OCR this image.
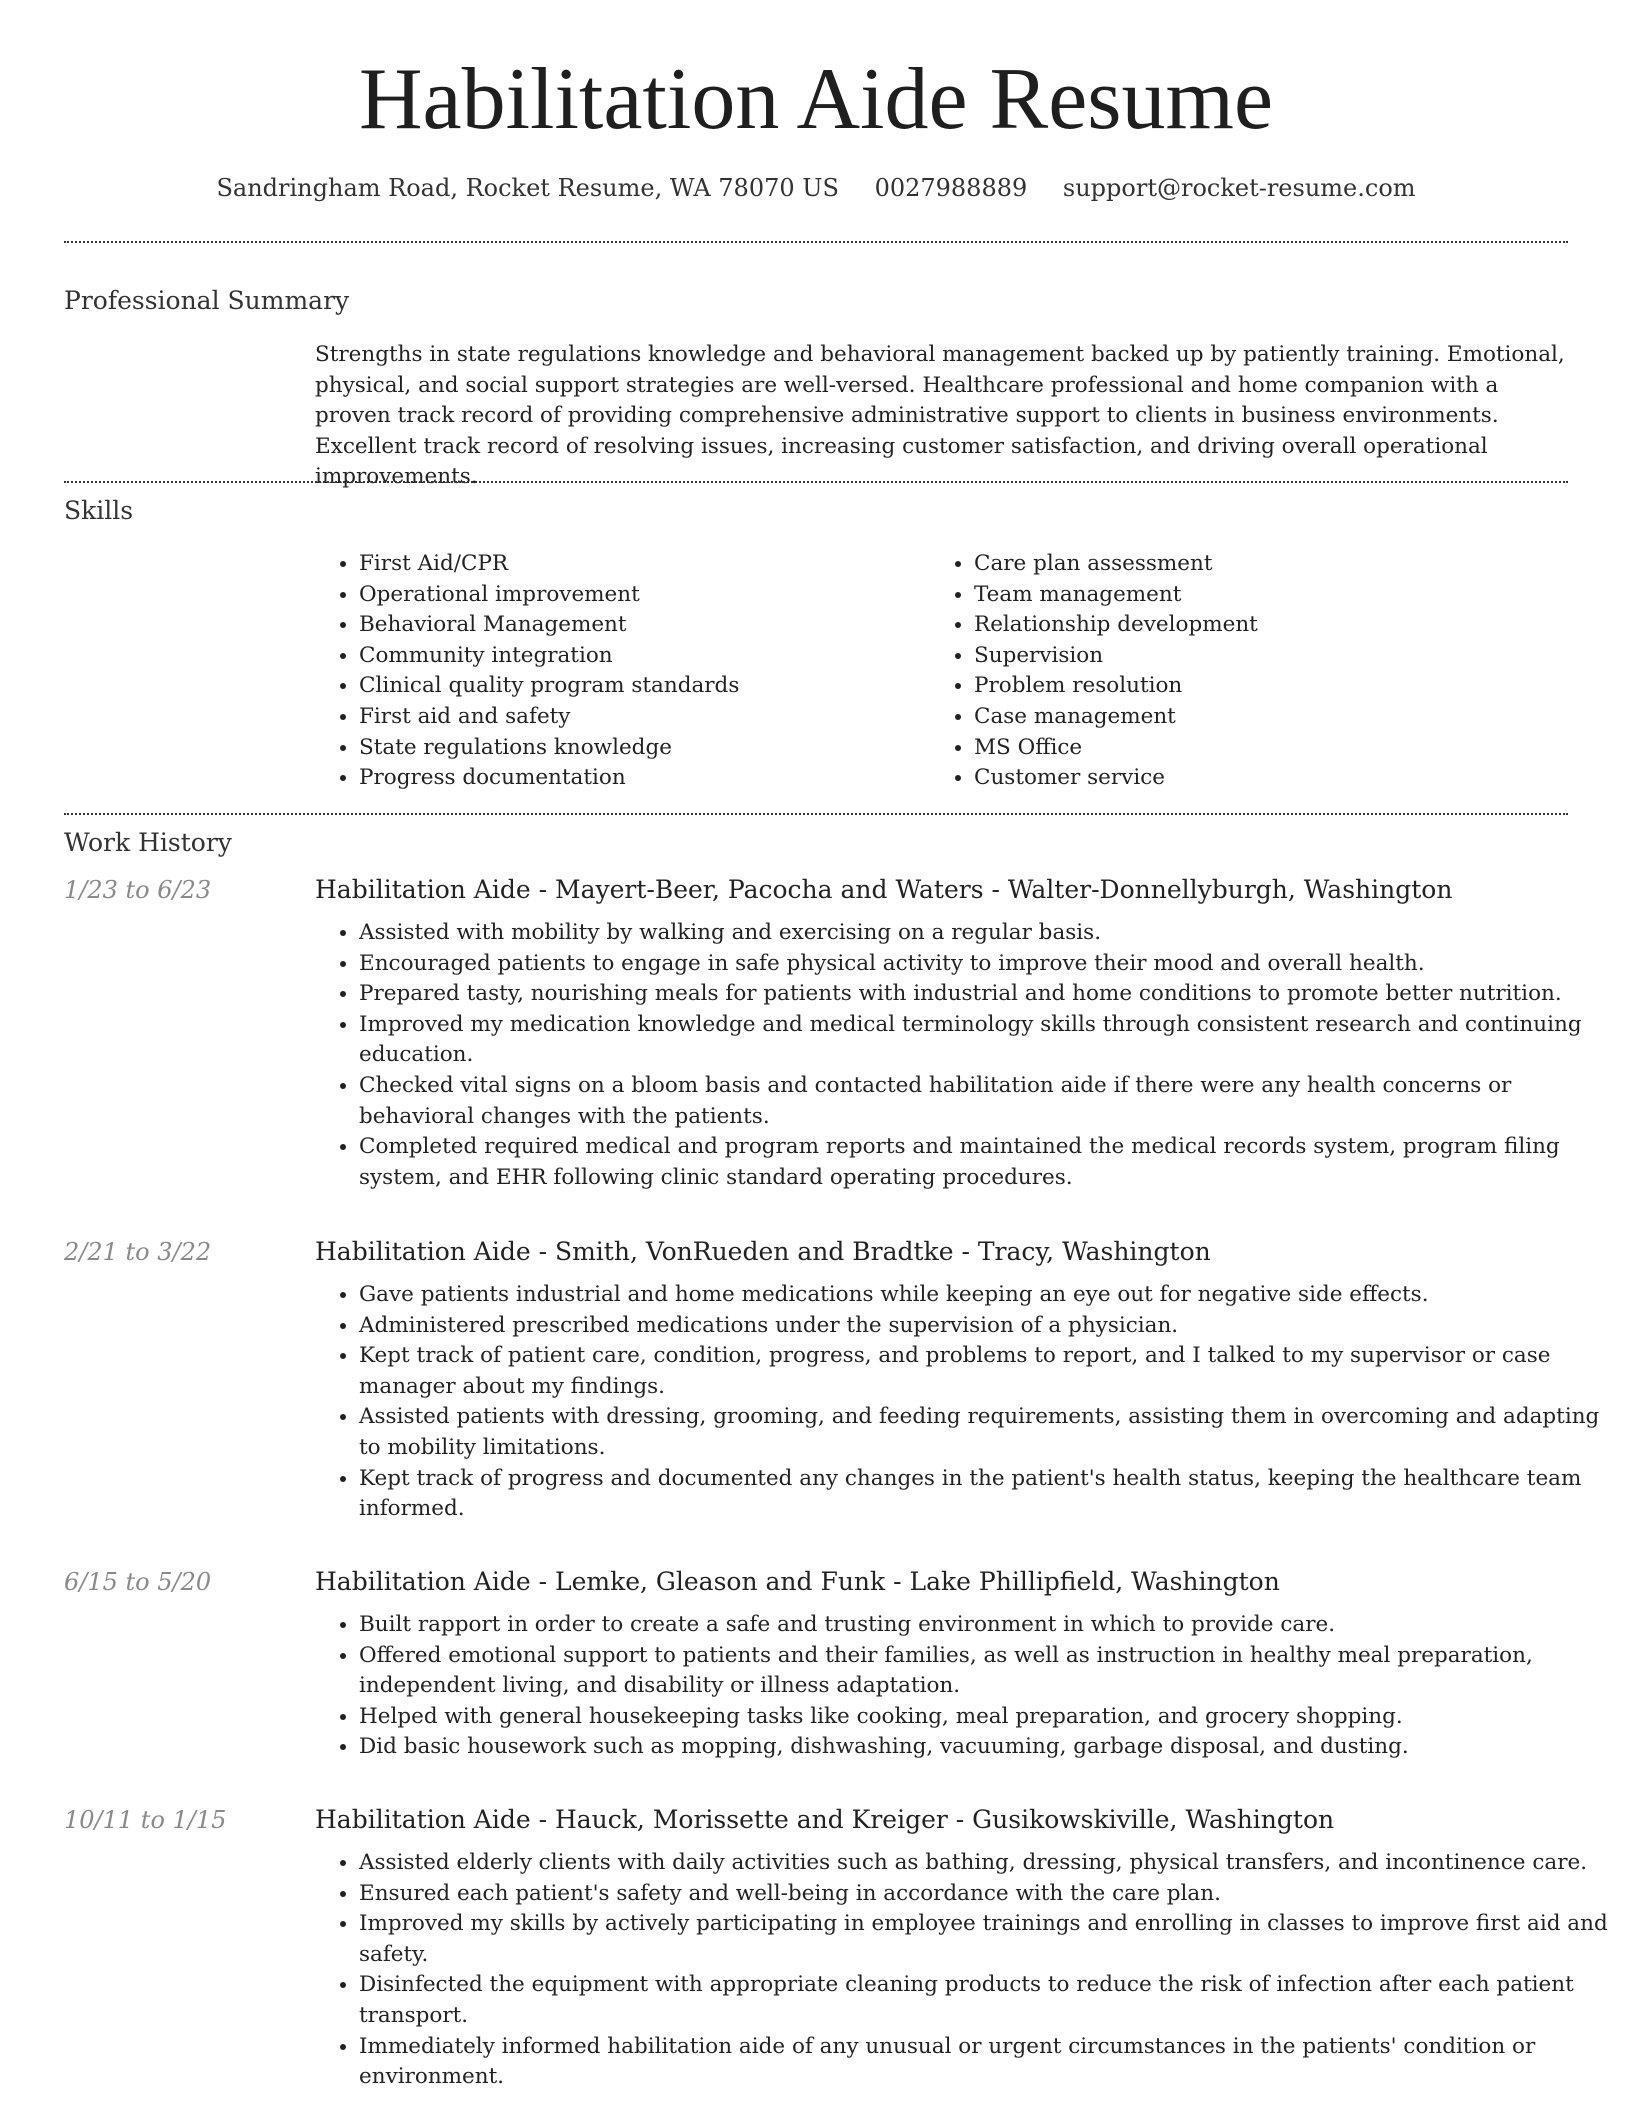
Habilitation Aide Resume
Sandringham Road, Rocket Resume, WA 78070 US 0027988889 support@rocket-resume.com
Professional Summary

Strengths in state regulations knowledge and behavioral management backed up by patiently training. Emotional, physical, and social support strategies are well-versed. Healthcare professional and home companion with a proven track record of providing comprehensive administrative support to clients in business environments. Excellent track record of resolving issues, increasing customer satisfaction, and driving overall operational improvements.

Skills
• First Aid/CPR
• Operational improvement
• Behavioral Management
• Community integration
• Clinical quality program standards
• First aid and safety
• State regulations knowledge
• Progress documentation
• Care plan assessment
• Team management
• Relationship development
• Supervision
• Problem resolution
• Case management
• MS Office
• Customer service
Work History
1/23 to 6/23	Habilitation Aide - Mayert-Beer, Pacocha and Waters - Walter-Donnellyburgh, Washington
• Assisted with mobility by walking and exercising on a regular basis.
• Encouraged patients to engage in safe physical activity to improve their mood and overall health.
• Prepared tasty, nourishing meals for patients with industrial and home conditions to promote better nutrition.
• Improved my medication knowledge and medical terminology skills through consistent research and continuing education.
• Checked vital signs on a bloom basis and contacted habilitation aide if there were any health concerns or behavioral changes with the patients.
• Completed required medical and program reports and maintained the medical records system, program filing system, and EHR following clinic standard operating procedures.
2/21 to 3/22	Habilitation Aide - Smith, VonRueden and Bradtke - Tracy, Washington
• Gave patients industrial and home medications while keeping an eye out for negative side effects.
• Administered prescribed medications under the supervision of a physician.
• Kept track of patient care, condition, progress, and problems to report, and I talked to my supervisor or case manager about my findings.
• Assisted patients with dressing, grooming, and feeding requirements, assisting them in overcoming and adapting to mobility limitations.
• Kept track of progress and documented any changes in the patient's health status, keeping the healthcare team informed.
6/15 to 5/20	Habilitation Aide - Lemke, Gleason and Funk - Lake Phillipfield, Washington
• Built rapport in order to create a safe and trusting environment in which to provide care.
• Offered emotional support to patients and their families, as well as instruction in healthy meal preparation, independent living, and disability or illness adaptation.
• Helped with general housekeeping tasks like cooking, meal preparation, and grocery shopping.
• Did basic housework such as mopping, dishwashing, vacuuming, garbage disposal, and dusting.
10/11 to 1/15	Habilitation Aide - Hauck, Morissette and Kreiger - Gusikowskiville, Washington
• Assisted elderly clients with daily activities such as bathing, dressing, physical transfers, and incontinence care.
• Ensured each patient's safety and well-being in accordance with the care plan.
• Improved my skills by actively participating in employee trainings and enrolling in classes to improve first aid and safety.
• Disinfected the equipment with appropriate cleaning products to reduce the risk of infection after each patient transport.
• Immediately informed habilitation aide of any unusual or urgent circumstances in the patients' condition or environment.
